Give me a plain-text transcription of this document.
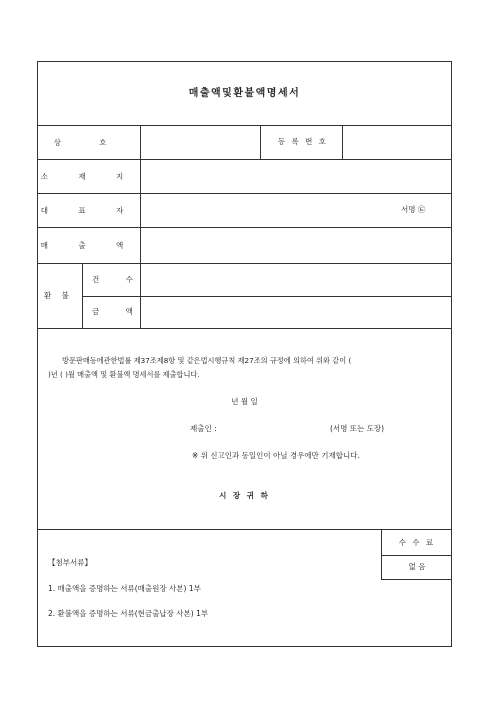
매출액및환불액명세서
상 호	등 록 번 호
소 재 지
대 표 자	서명 ㉫
매 출 액
환 불
건 수
금 액
방문판매등에관한법률 제37조제8항 및 같은법시행규칙 제27조의 규정에 의하여 위와 같이 (
)년 ( )월 매출액 및 환불액 명세서를 제출합니다.
년 월 일
제출인 :	(서명 또는 도장)
※ 위 신고인과 동일인이 아닐 경우에만 기재합니다.
시 장 귀 하
【첨부서류】
1. 매출액을 증명하는 서류(매출원장 사본) 1부
2. 환불액을 증명하는 서류(현금출납장 사본) 1부
수 수 료
없 음
